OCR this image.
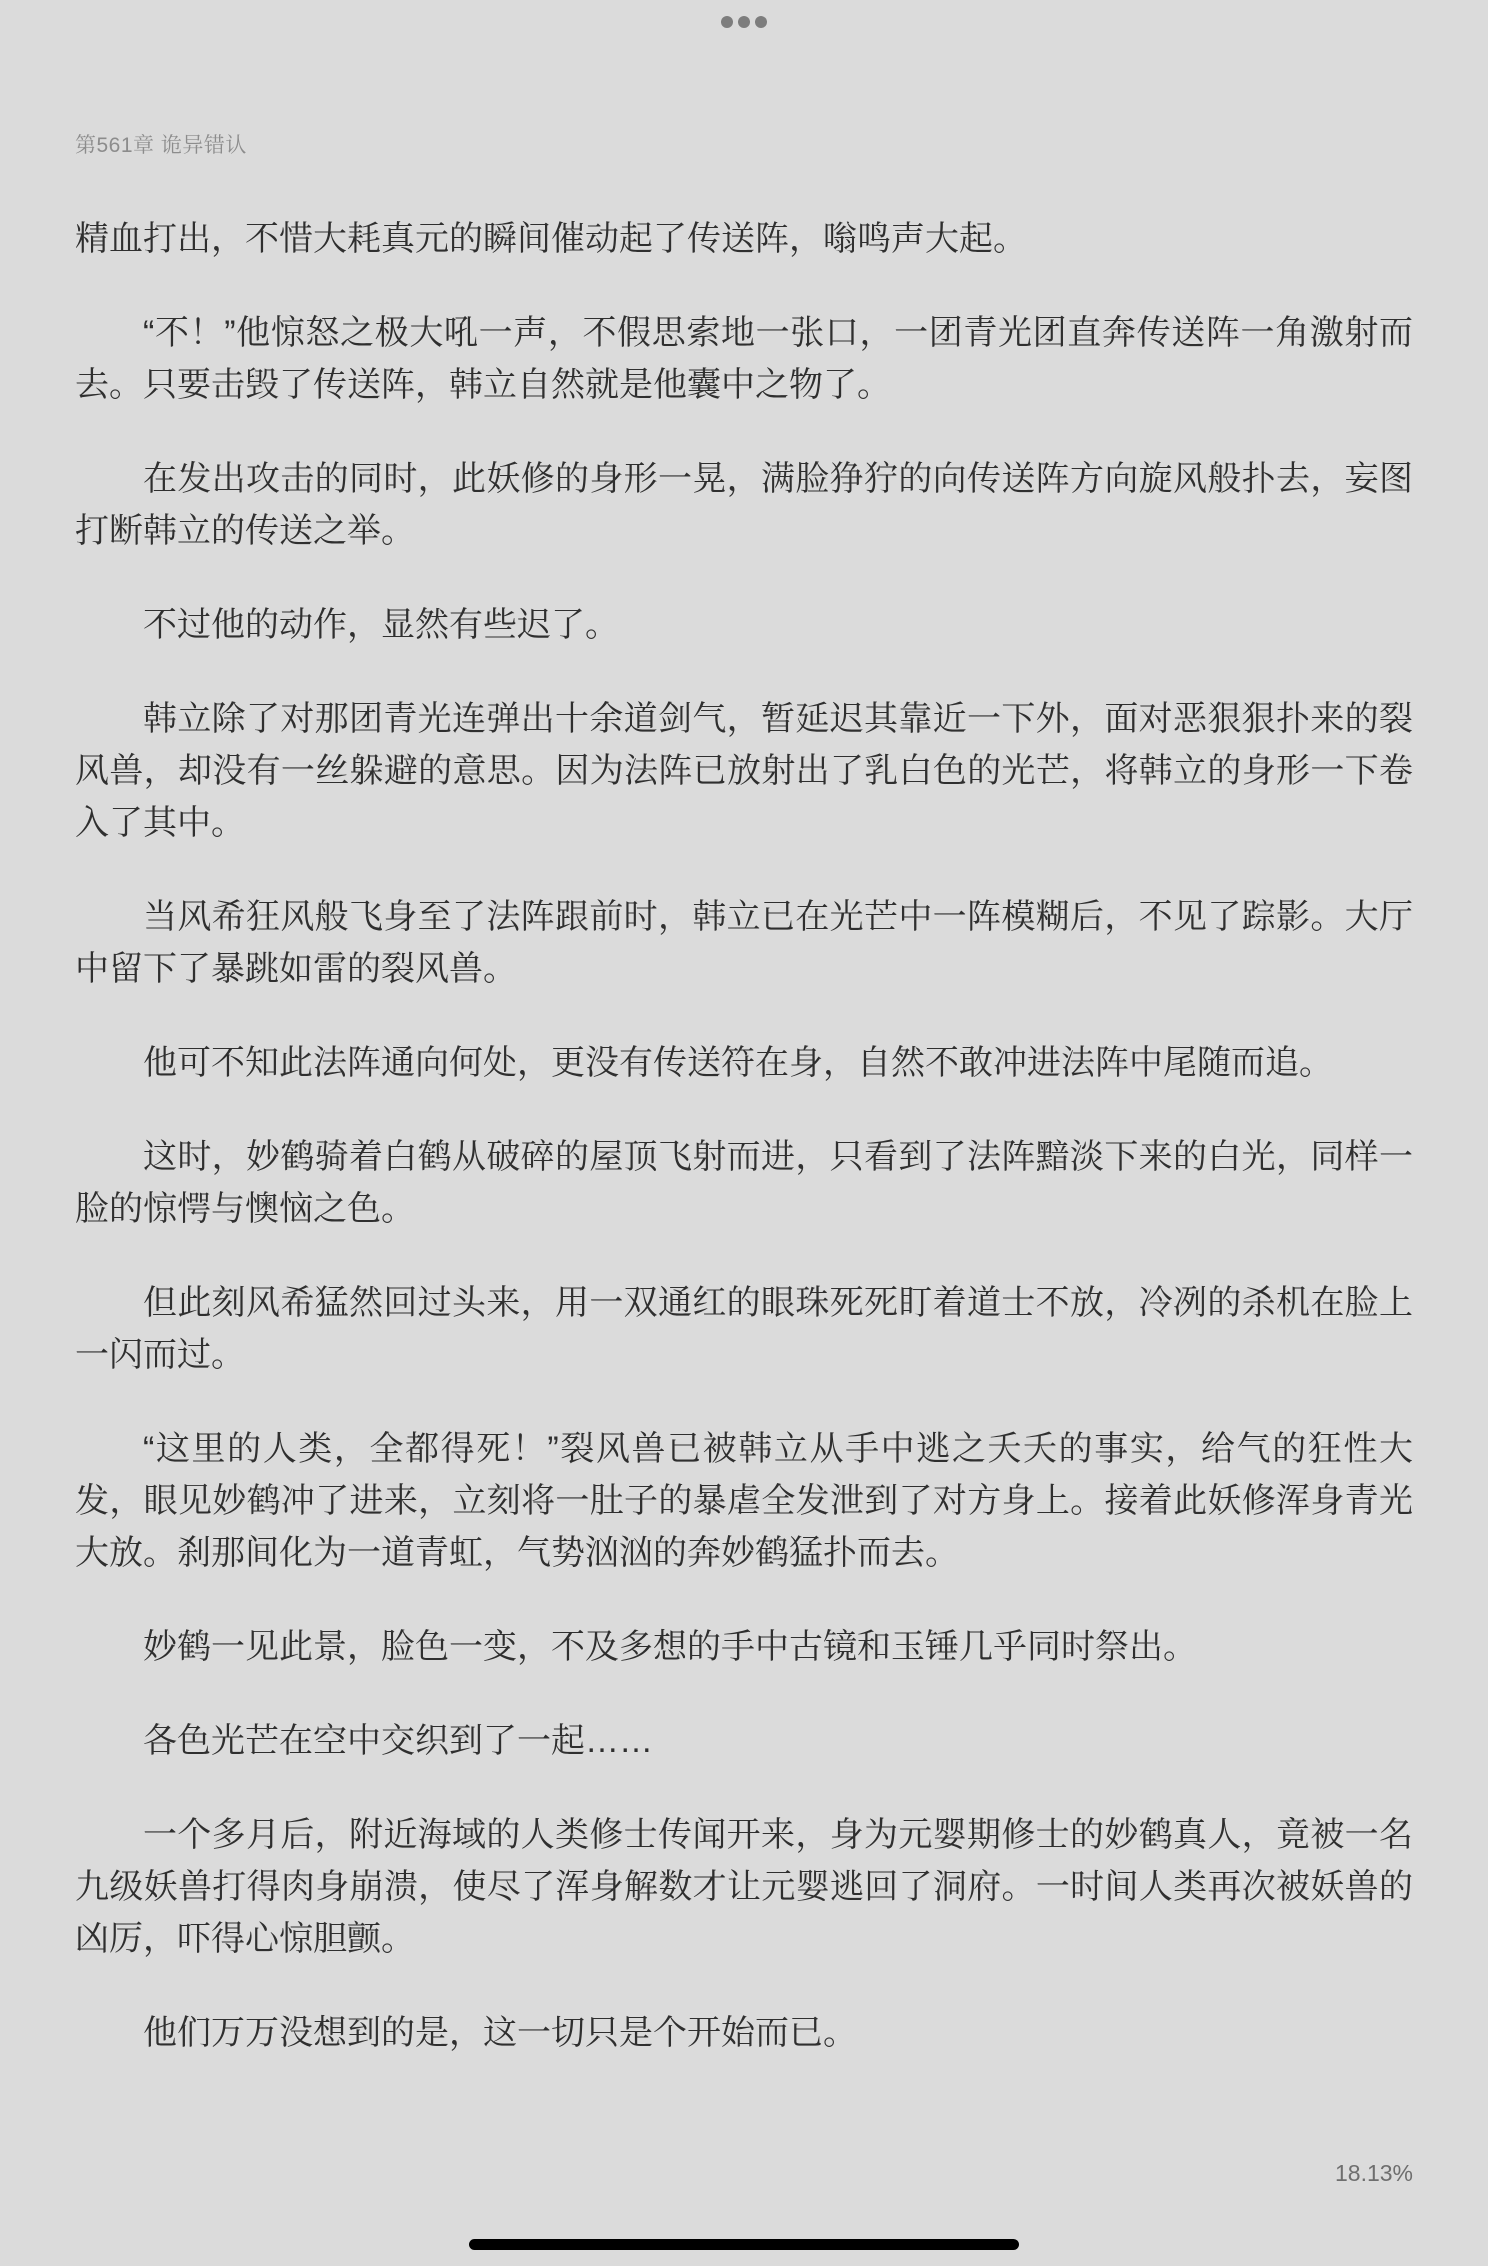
第561章 诡异错认

精血打出，不惜大耗真元的瞬间催动起了传送阵，嗡鸣声大起。

“不！”他惊怒之极大吼一声，不假思索地一张口，一团青光团直奔传送阵一角激射而去。只要击毁了传送阵，韩立自然就是他囊中之物了。

在发出攻击的同时，此妖修的身形一晃，满脸狰狞的向传送阵方向旋风般扑去，妄图打断韩立的传送之举。

不过他的动作，显然有些迟了。

韩立除了对那团青光连弹出十余道剑气，暂延迟其靠近一下外，面对恶狠狠扑来的裂风兽，却没有一丝躲避的意思。因为法阵已放射出了乳白色的光芒，将韩立的身形一下卷入了其中。

当风希狂风般飞身至了法阵跟前时，韩立已在光芒中一阵模糊后，不见了踪影。大厅中留下了暴跳如雷的裂风兽。

他可不知此法阵通向何处，更没有传送符在身，自然不敢冲进法阵中尾随而追。

这时，妙鹤骑着白鹤从破碎的屋顶飞射而进，只看到了法阵黯淡下来的白光，同样一脸的惊愕与懊恼之色。

但此刻风希猛然回过头来，用一双通红的眼珠死死盯着道士不放，冷冽的杀机在脸上一闪而过。

“这里的人类，全都得死！”裂风兽已被韩立从手中逃之夭夭的事实，给气的狂性大发，眼见妙鹤冲了进来，立刻将一肚子的暴虐全发泄到了对方身上。接着此妖修浑身青光大放。刹那间化为一道青虹，气势汹汹的奔妙鹤猛扑而去。

妙鹤一见此景，脸色一变，不及多想的手中古镜和玉锤几乎同时祭出。

各色光芒在空中交织到了一起……

一个多月后，附近海域的人类修士传闻开来，身为元婴期修士的妙鹤真人，竟被一名九级妖兽打得肉身崩溃，使尽了浑身解数才让元婴逃回了洞府。一时间人类再次被妖兽的凶厉，吓得心惊胆颤。

他们万万没想到的是，这一切只是个开始而已。

18.13%
